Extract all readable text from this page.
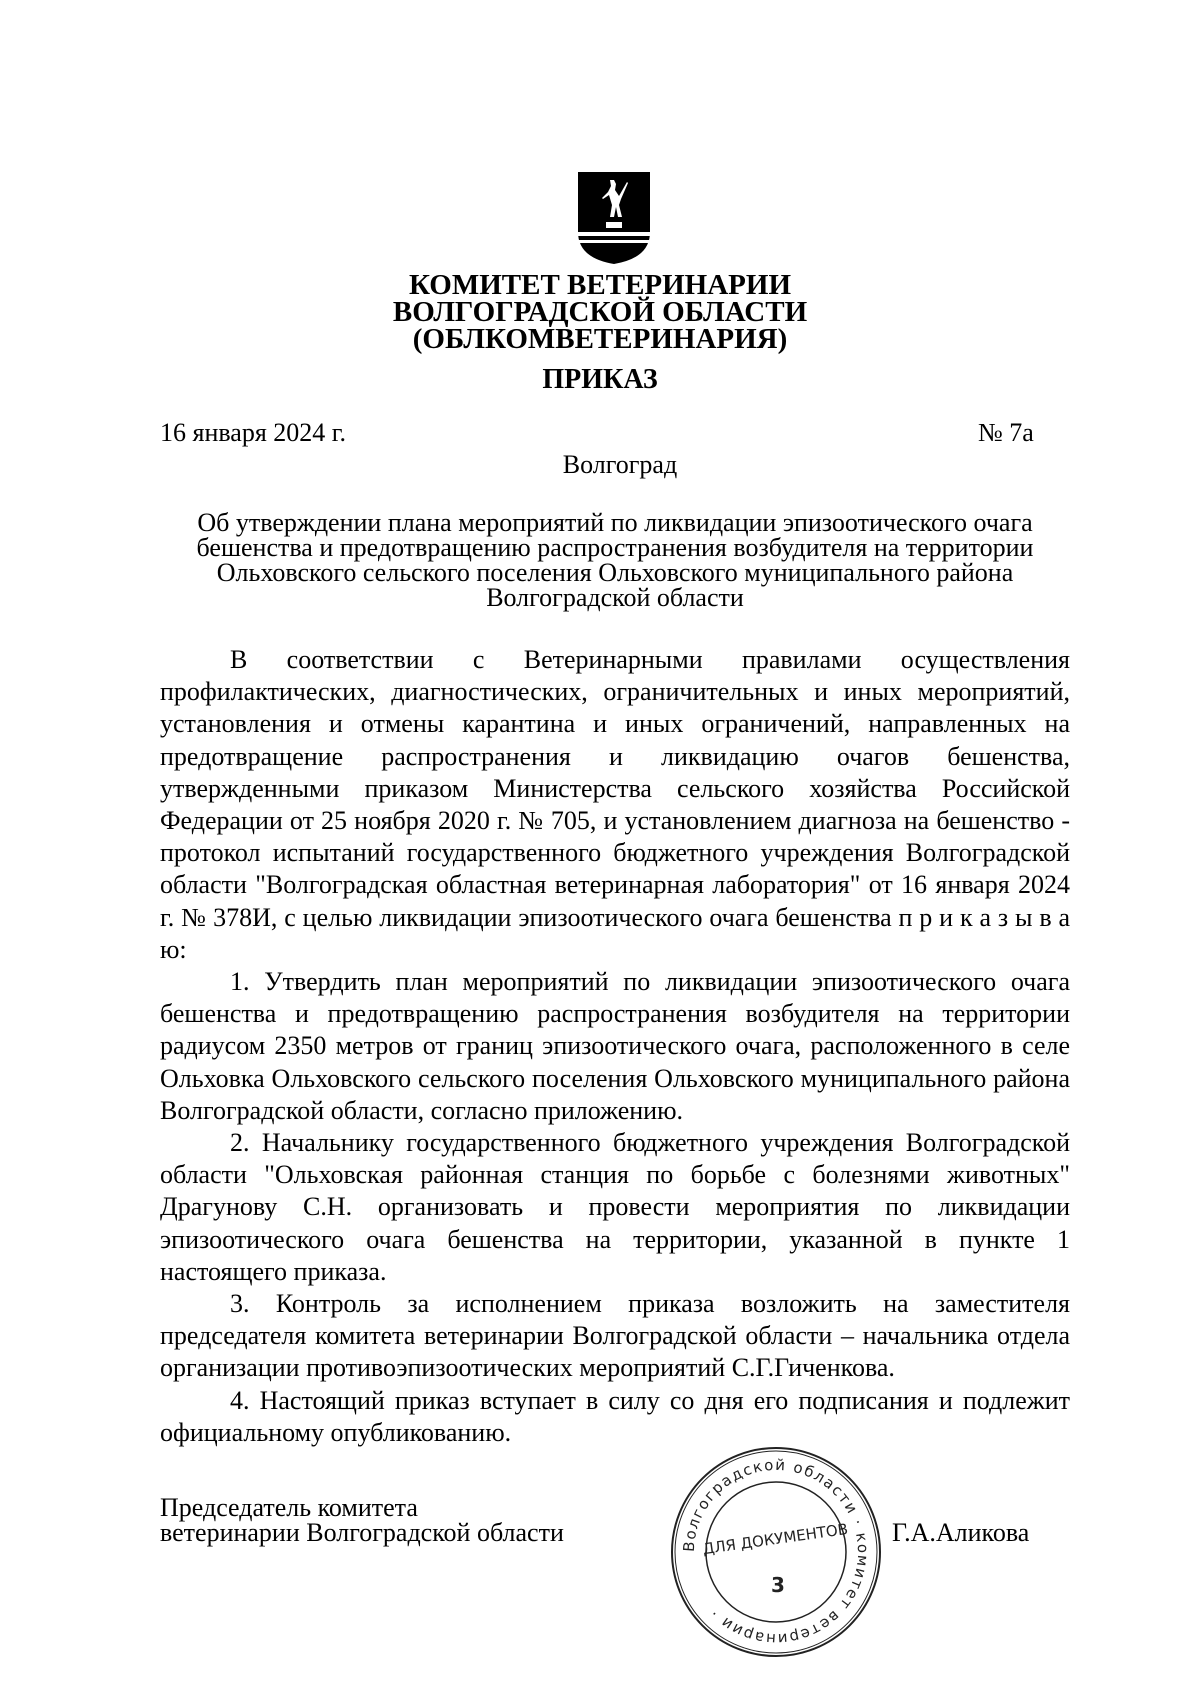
КОМИТЕТ ВЕТЕРИНАРИИ
ВОЛГОГРАДСКОЙ ОБЛАСТИ
(ОБЛКОМВЕТЕРИНАРИЯ)
ПРИКАЗ
16 января 2024 г.	№ 7а
Волгоград
Об утверждении плана мероприятий по ликвидации эпизоотического очага
бешенства и предотвращению распространения возбудителя на территории
Ольховского сельского поселения Ольховского муниципального района
Волгоградской области

В соответствии с Ветеринарными правилами осуществления профилактических, диагностических, ограничительных и иных мероприятий, установления и отмены карантина и иных ограничений, направленных на предотвращение распространения и ликвидацию очагов бешенства, утвержденными приказом Министерства сельского хозяйства Российской Федерации от 25 ноября 2020 г. № 705, и установлением диагноза на бешенство - протокол испытаний государственного бюджетного учреждения Волгоградской области "Волгоградская областная ветеринарная лаборатория" от 16 января 2024 г. № 378И, с целью ликвидации эпизоотического очага бешенства п р и к а з ы в а ю:

1. Утвердить план мероприятий по ликвидации эпизоотического очага бешенства и предотвращению распространения возбудителя на территории радиусом 2350 метров от границ эпизоотического очага, расположенного в селе Ольховка Ольховского сельского поселения Ольховского муниципального района Волгоградской области, согласно приложению.

2. Начальнику государственного бюджетного учреждения Волгоградской области "Ольховская районная станция по борьбе с болезнями животных" Драгунову С.Н. организовать и провести мероприятия по ликвидации эпизоотического очага бешенства на территории, указанной в пункте 1 настоящего приказа.

3. Контроль за исполнением приказа возложить на заместителя председателя комитета ветеринарии Волгоградской области – начальника отдела организации противоэпизоотических мероприятий С.Г.Гиченкова.

4. Настоящий приказ вступает в силу со дня его подписания и подлежит официальному опубликованию.

Председатель комитета
ветеринарии Волгоградской области	Г.А.Аликова
Волгоградской области · комитет ветеринарии ·
ДЛЯ ДОКУМЕНТОВ
3
